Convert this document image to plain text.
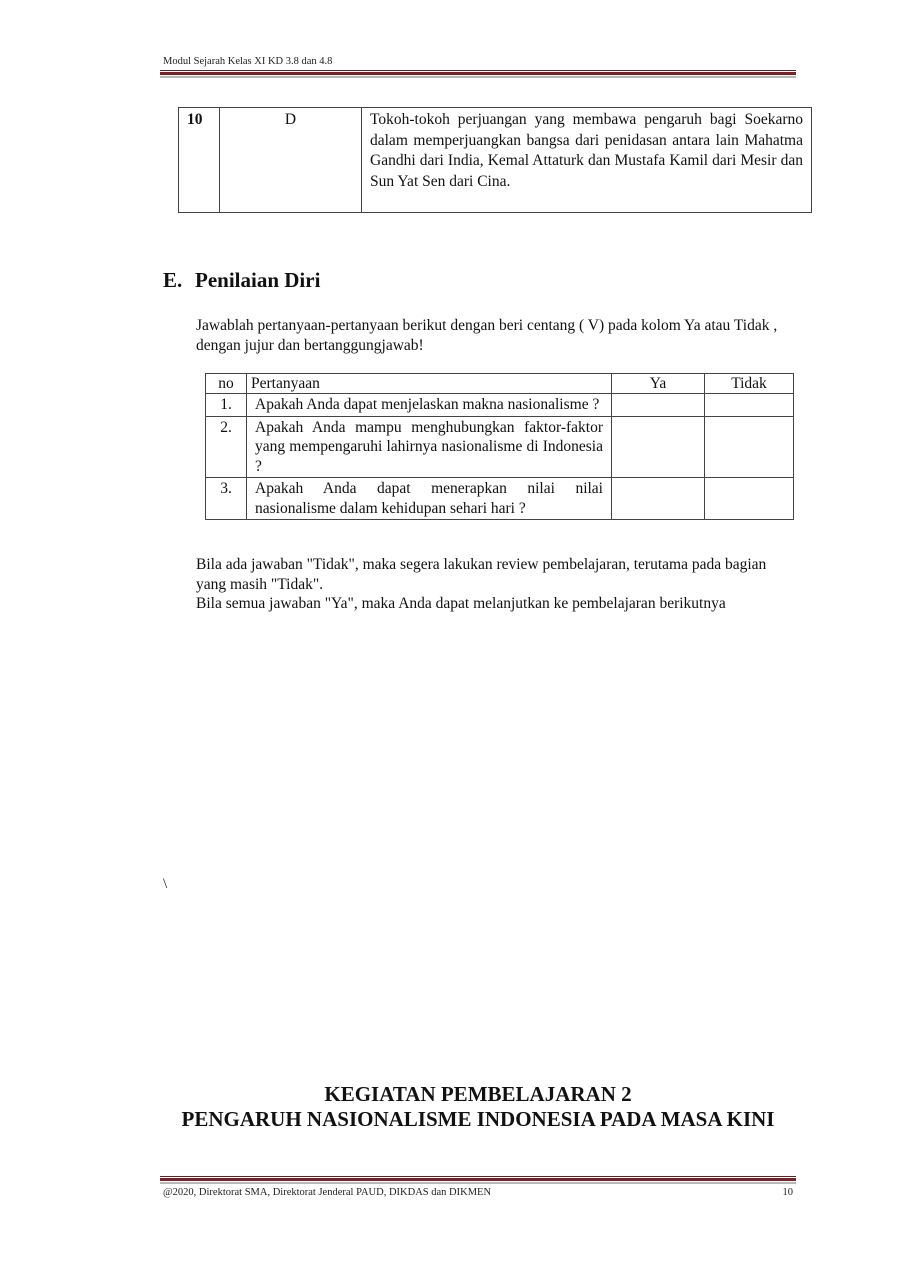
Modul Sejarah Kelas XI KD 3.8 dan 4.8
10	D	Tokoh-tokoh perjuangan yang membawa pengaruh bagi Soekarno dalam memperjuangkan bangsa dari penidasan antara lain Mahatma Gandhi dari India, Kemal Attaturk dan Mustafa Kamil dari Mesir dan Sun Yat Sen dari Cina.
E. Penilaian Diri

Jawablah pertanyaan-pertanyaan berikut dengan beri centang ( V) pada kolom Ya atau Tidak , dengan jujur dan bertanggungjawab!

no	Pertanyaan	Ya	Tidak
1.	Apakah Anda dapat menjelaskan makna nasionalisme ?		
2.	Apakah Anda mampu menghubungkan faktor-faktor yang mempengaruhi lahirnya nasionalisme di Indonesia ?		
3.	Apakah Anda dapat menerapkan nilai nilai nasionalisme dalam kehidupan sehari hari ?		

Bila ada jawaban "Tidak", maka segera lakukan review pembelajaran, terutama pada bagian yang masih "Tidak".

Bila semua jawaban "Ya", maka Anda dapat melanjutkan ke pembelajaran berikutnya

\

KEGIATAN PEMBELAJARAN 2

PENGARUH NASIONALISME INDONESIA PADA MASA KINI

@2020, Direktorat SMA, Direktorat Jenderal PAUD, DIKDAS dan DIKMEN	10
